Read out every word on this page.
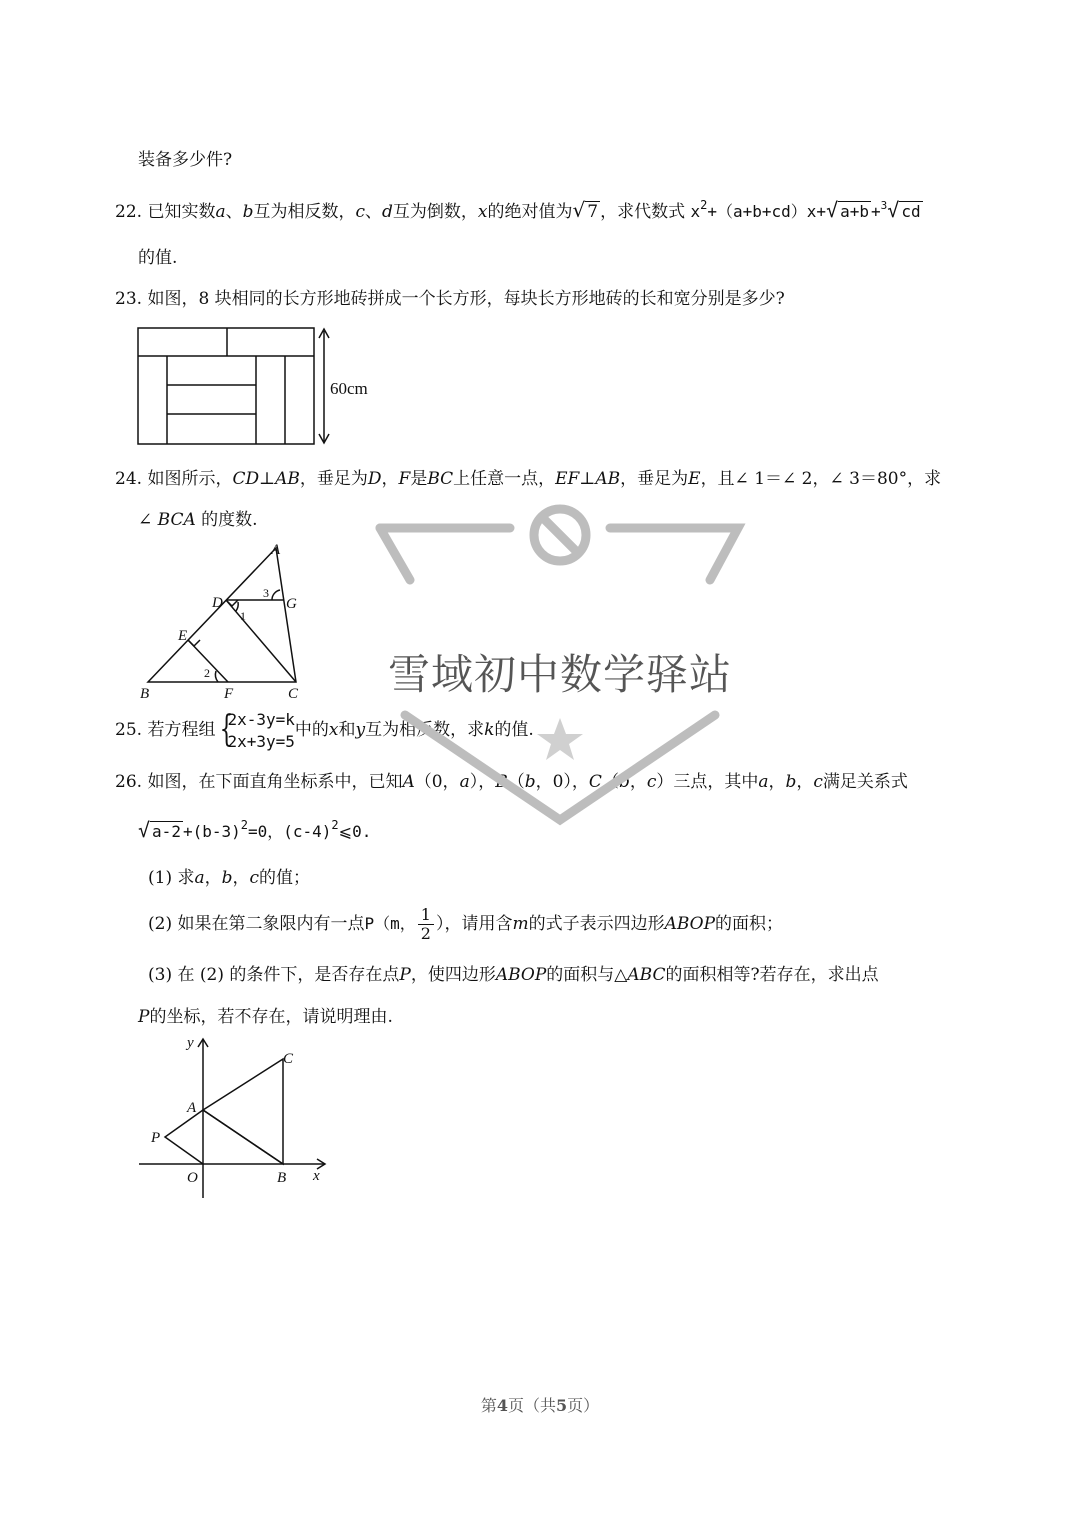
装备多少件?
22. 已知实数a、b互为相反数，c、d互为倒数，x的绝对值为√ 7 ，求代数式 $x^2+(a+b+cd)x+√$ a+b +$^3$√ cd
的值.
23. 如图，8 块相同的长方形地砖拼成一个长方形，每块长方形地砖的长和宽分别是多少?
60cm
24. 如图所示，CD⊥AB，垂足为D，F是BC上任意一点，EF⊥AB，垂足为E，且∠ 1＝∠ 2，∠ 3＝80°，求
∠ BCA 的度数.
A
B	C
D
E
F
G
1
2
3
25. 若方程组 {
2x-3y=k
2x+3y=5
中的x和y互为相反数，求k的值.
26. 如图，在下面直角坐标系中，已知A（0，a），B（b，0），C（b，c）三点，其中a，b，c满足关系式
√ $a-2 +(b-3)^2=0$，$(c-4)^2⩽0$.
(1) 求a，b，c的值；
(2) 如果在第二象限内有一点P（m， $\frac{1}{2}$ ），请用含m的式子表示四边形ABOP的面积；
(3) 在 (2) 的条件下，是否存在点P，使四边形ABOP的面积与△ABC的面积相等?若存在，求出点
P的坐标，若不存在，请说明理由.
y
x
A
B
C
O
P
雪域初中数学驿站
第4页（共5页）
